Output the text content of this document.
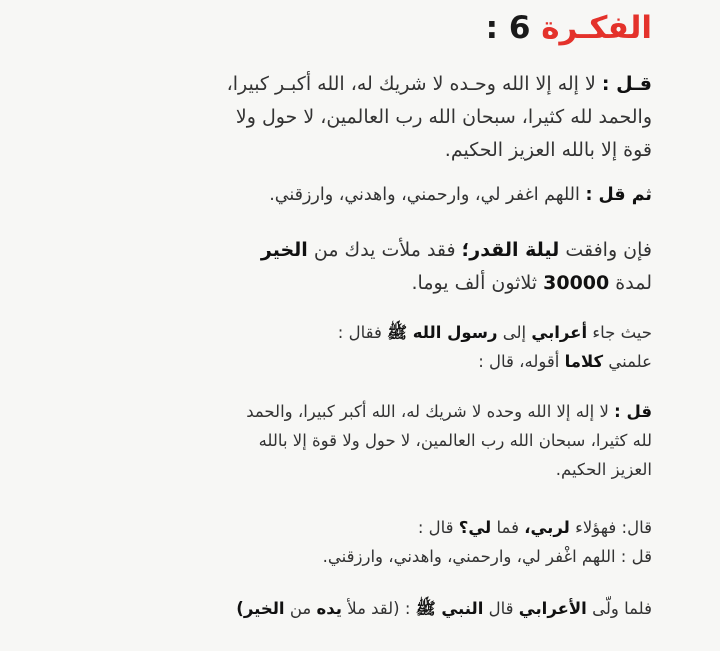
الفكـرة 6 :
قـل : لا إله إلا الله وحـده لا شريك له، الله أكبـر كبيرا،
والحمد لله كثيرا، سبحان الله رب العالمين، لا حول ولا
قوة إلا بالله العزيز الحكيم.
ثم قل : اللهم اغفر لي، وارحمني، واهدني، وارزقني.
فإن وافقت ليلة القدر؛ فقد ملأت يدك من الخير
لمدة 30000 ثلاثون ألف يوما.
حيث جاء أعرابي إلى رسول الله ﷺ فقال :
علمني كلاما أقوله، قال :
قل : لا إله إلا الله وحده لا شريك له، الله أكبر كبيرا، والحمد
لله كثيرا، سبحان الله رب العالمين، لا حول ولا قوة إلا بالله
العزيز الحكيم.
قال: فهؤلاء لربي، فما لي؟ قال :
قل : اللهم اغْفر لي، وارحمني، واهدني، وارزقني.
فلما ولّى الأعرابي قال النبي ﷺ : (لقد ملأ يده من الخير)
